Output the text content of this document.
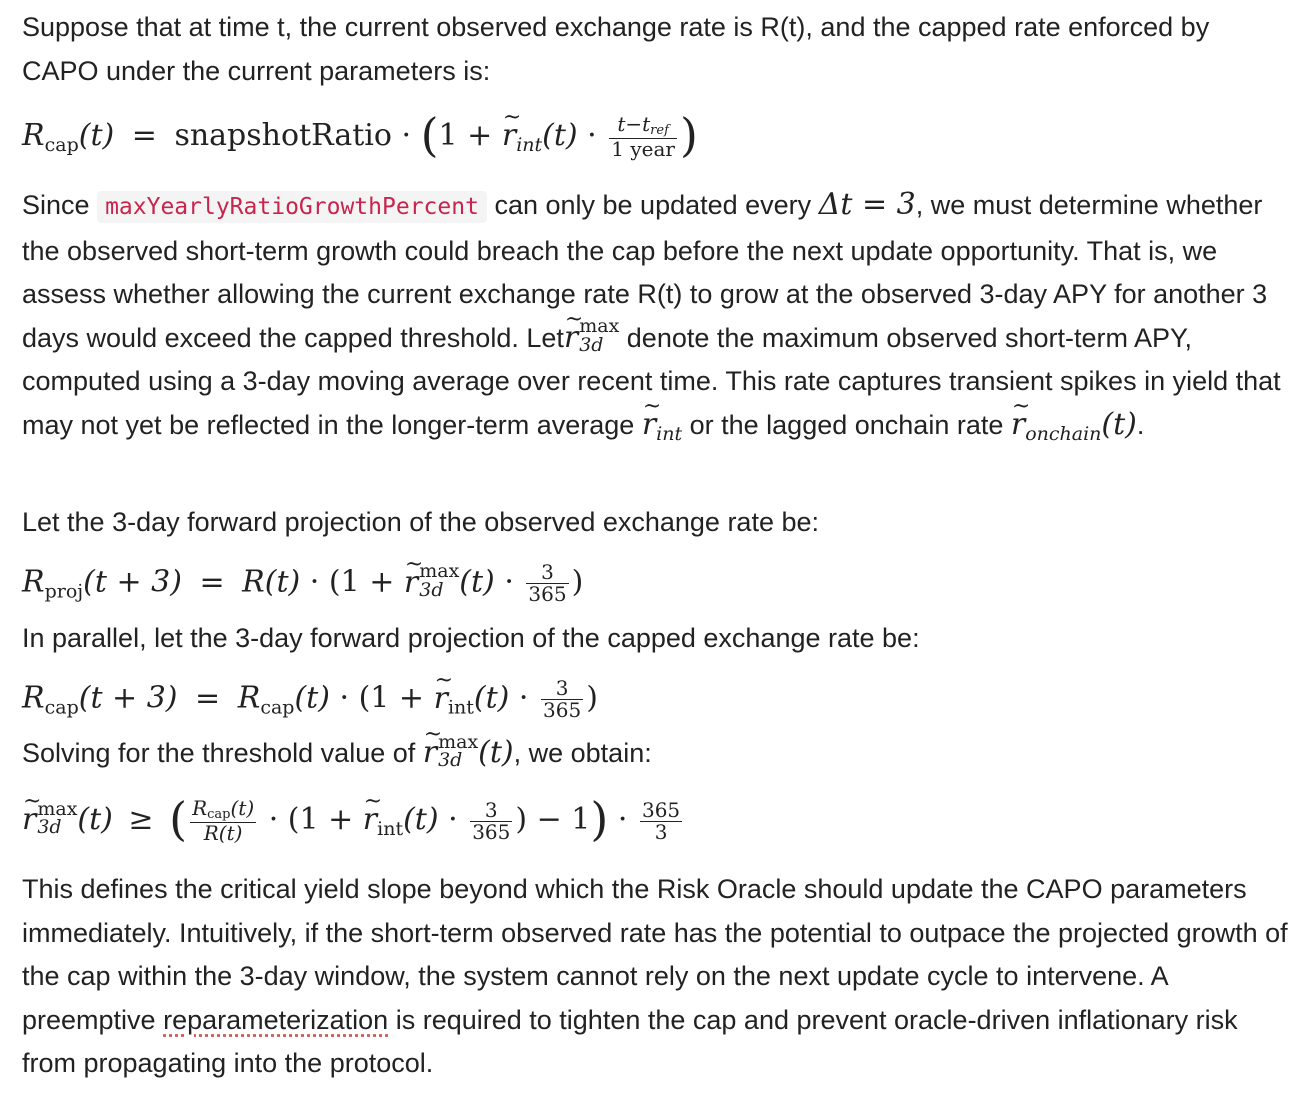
Suppose that at time t, the current observed exchange rate is R(t), and the capped rate enforced by CAPO under the current parameters is:

$R_{cap}(t)$ = snapshotRatio · (1 + ~ $r_{int}(t) \cdot \frac{\text{t−tref}}{\text{1 year}}$ )

Since maxYearlyRatioGrowthPercent can only be updated every Δt = 3, we must determine whether the observed short-term growth could breach the cap before the next update opportunity. That is, we assess whether allowing the current exchange rate R(t) to grow at the observed 3-day APY for another 3 days would exceed the capped threshold. Let~ r max
3d denote the maximum observed short-term APY, computed using a 3-day moving average over recent time. This rate captures transient spikes in yield that may not yet be reflected in the longer-term average ~ $r_{int}$ or the lagged onchain rate ~ $r_{onchain}(t)$.

Let the 3-day forward projection of the observed exchange rate be:

$R_{proj}(t + 3) = R(t) \cdot (1$ + ~ r max
3d $(t) \cdot \frac{3}{365}$ )

In parallel, let the 3-day forward projection of the capped exchange rate be:

$R_{cap}(t + 3) = R_{cap}(t) \cdot (1$ + ~ $r_{int}(t) \cdot \frac{3}{365}$ )

Solving for the threshold value of ~ r max
3d (t), we obtain:

~ r max
3d (t) ≥ ( $\frac{\text{Rcap(t)}}{R(t)} \cdot (1$ + ~ $r_{int}(t) \cdot \frac{3}{365}$ ) − $1) \cdot \frac{365}{3}$

This defines the critical yield slope beyond which the Risk Oracle should update the CAPO parameters immediately. Intuitively, if the short-term observed rate has the potential to outpace the projected growth of the cap within the 3-day window, the system cannot rely on the next update cycle to intervene. A preemptive reparameterization is required to tighten the cap and prevent oracle-driven inflationary risk from propagating into the protocol.
